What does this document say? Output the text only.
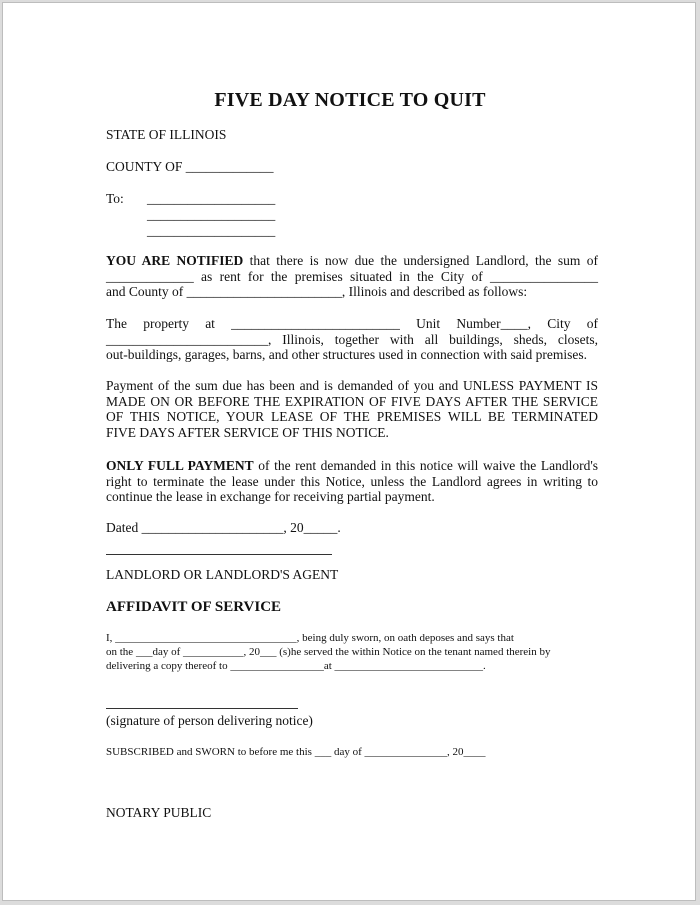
FIVE DAY NOTICE TO QUIT
STATE OF ILLINOIS
COUNTY OF _____________
To: ___________________
___________________
___________________
YOU ARE NOTIFIED that there is now due the undersigned Landlord, the sum of
_____________ as rent for the premises situated in the City of ________________
and County of _______________________, Illinois and described as follows:
The property at _________________________ Unit Number____, City of
________________________, Illinois, together with all buildings, sheds, closets,
out-buildings, garages, barns, and other structures used in connection with said premises.
Payment of the sum due has been and is demanded of you and UNLESS PAYMENT IS
MADE ON OR BEFORE THE EXPIRATION OF FIVE DAYS AFTER THE SERVICE
OF THIS NOTICE, YOUR LEASE OF THE PREMISES WILL BE TERMINATED
FIVE DAYS AFTER SERVICE OF THIS NOTICE.
ONLY FULL PAYMENT of the rent demanded in this notice will waive the Landlord's
right to terminate the lease under this Notice, unless the Landlord agrees in writing to
continue the lease in exchange for receiving partial payment.
Dated _____________________, 20_____.
LANDLORD OR LANDLORD'S AGENT
AFFIDAVIT OF SERVICE
I, _________________________________, being duly sworn, on oath deposes and says that
on the ___day of ___________, 20___ (s)he served the within Notice on the tenant named therein by
delivering a copy thereof to _________________at ___________________________.
(signature of person delivering notice)
SUBSCRIBED and SWORN to before me this ___ day of _______________, 20____
NOTARY PUBLIC
